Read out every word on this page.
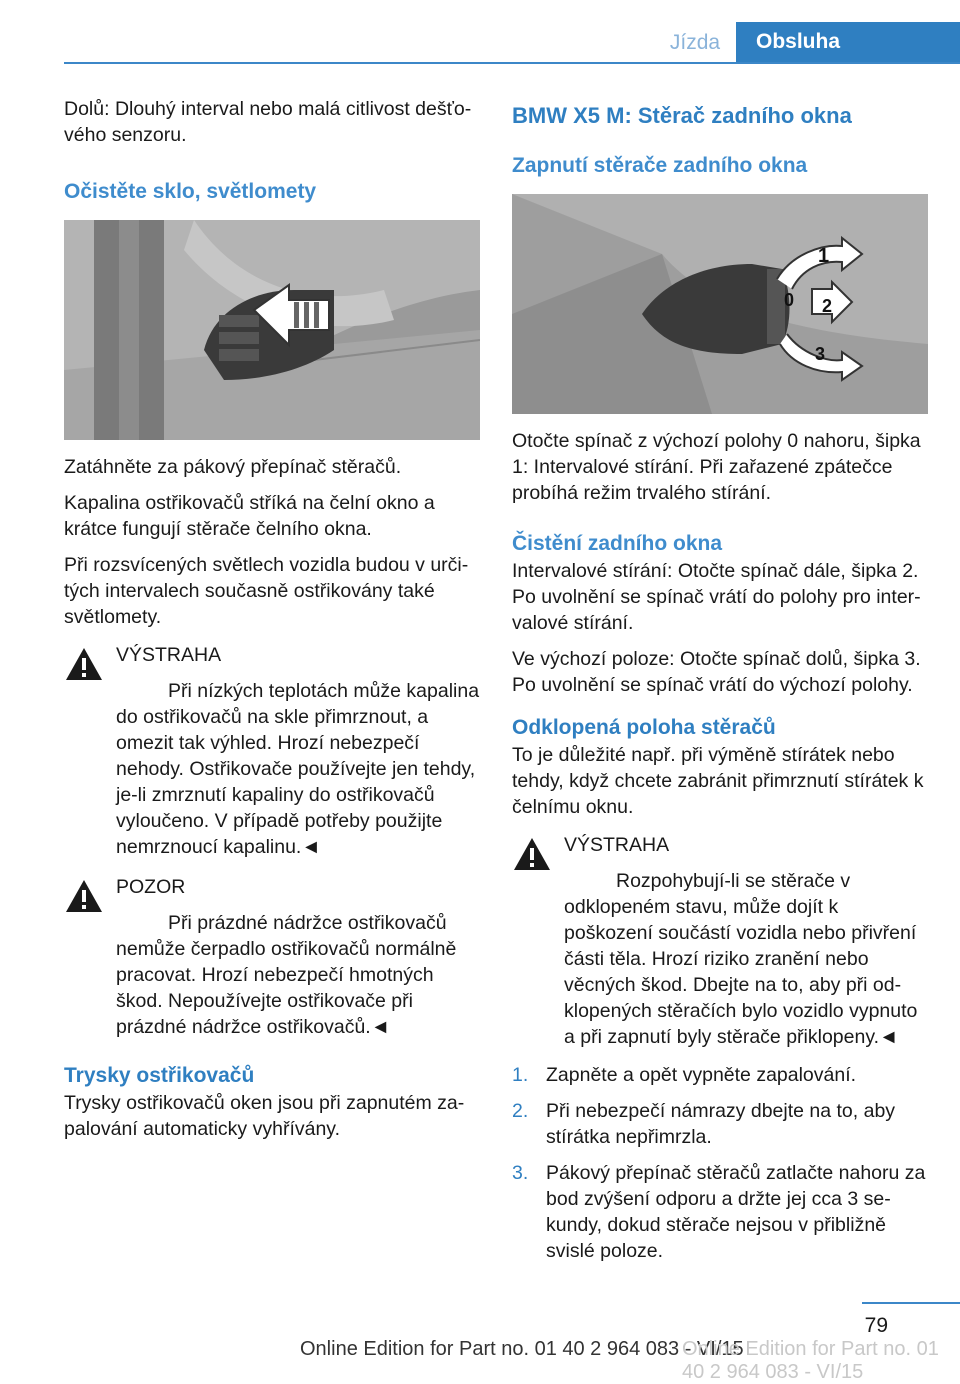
Jízda	Obsluha

Dolů: Dlouhý interval nebo malá citlivost dešťového senzoru.

Očistěte sklo, světlomety

Zatáhněte za pákový přepínač stěračů.

Kapalina ostřikovačů stříká na čelní okno a krátce fungují stěrače čelního okna.

Při rozsvícených světlech vozidla budou v určitých intervalech současně ostřikovány také světlomety.

VÝSTRAHA

Při nízkých teplotách může kapalina do ostřikovačů na skle přimrznout, a omezit tak výhled. Hrozí nebezpečí nehody. Ostřikovače používejte jen tehdy, je-li zmrznutí kapaliny do ostřikovačů vyloučeno. V případě potřeby použijte nemrznoucí kapalinu.◄

POZOR

Při prázdné nádržce ostřikovačů nemůže čerpadlo ostřikovačů normálně pracovat. Hrozí nebezpečí hmotných škod. Nepoužívejte ostřikovače při prázdné nádržce ostřikovačů.◄

Trysky ostřikovačů

Trysky ostřikovačů oken jsou při zapnutém zapalování automaticky vyhřívány.

BMW X5 M: Stěrač zadního okna
Zapnutí stěrače zadního okna
1
0 2
3

Otočte spínač z výchozí polohy 0 nahoru, šipka 1: Intervalové stírání. Při zařazené zpátečce probíhá režim trvalého stírání.

Čistění zadního okna

Intervalové stírání: Otočte spínač dále, šipka 2. Po uvolnění se spínač vrátí do polohy pro intervalové stírání.

Ve výchozí poloze: Otočte spínač dolů, šipka 3. Po uvolnění se spínač vrátí do výchozí polohy.

Odklopená poloha stěračů

To je důležité např. při výměně stírátek nebo tehdy, když chcete zabránit přimrznutí stírátek k čelnímu oknu.

VÝSTRAHA

Rozpohybují-li se stěrače v odklopeném stavu, může dojít k poškození součástí vozidla nebo přivření části těla. Hrozí riziko zranění nebo věcných škod. Dbejte na to, aby při odklopených stěračích bylo vozidlo vypnuto a při zapnutí byly stěrače přiklopeny.◄

1. Zapněte a opět vypněte zapalování.
2. Při nebezpečí námrazy dbejte na to, aby stírátka nepřimrzla.
3. Pákový přepínač stěračů zatlačte nahoru za bod zvýšení odporu a držte jej cca 3 sekundy, dokud stěrače nejsou v přibližně svislé poloze.
79
Online Edition for Part no. 01 40 2 964 083 - VI/15
Online Edition for Part no. 01 40 2 964 083 - VI/15
